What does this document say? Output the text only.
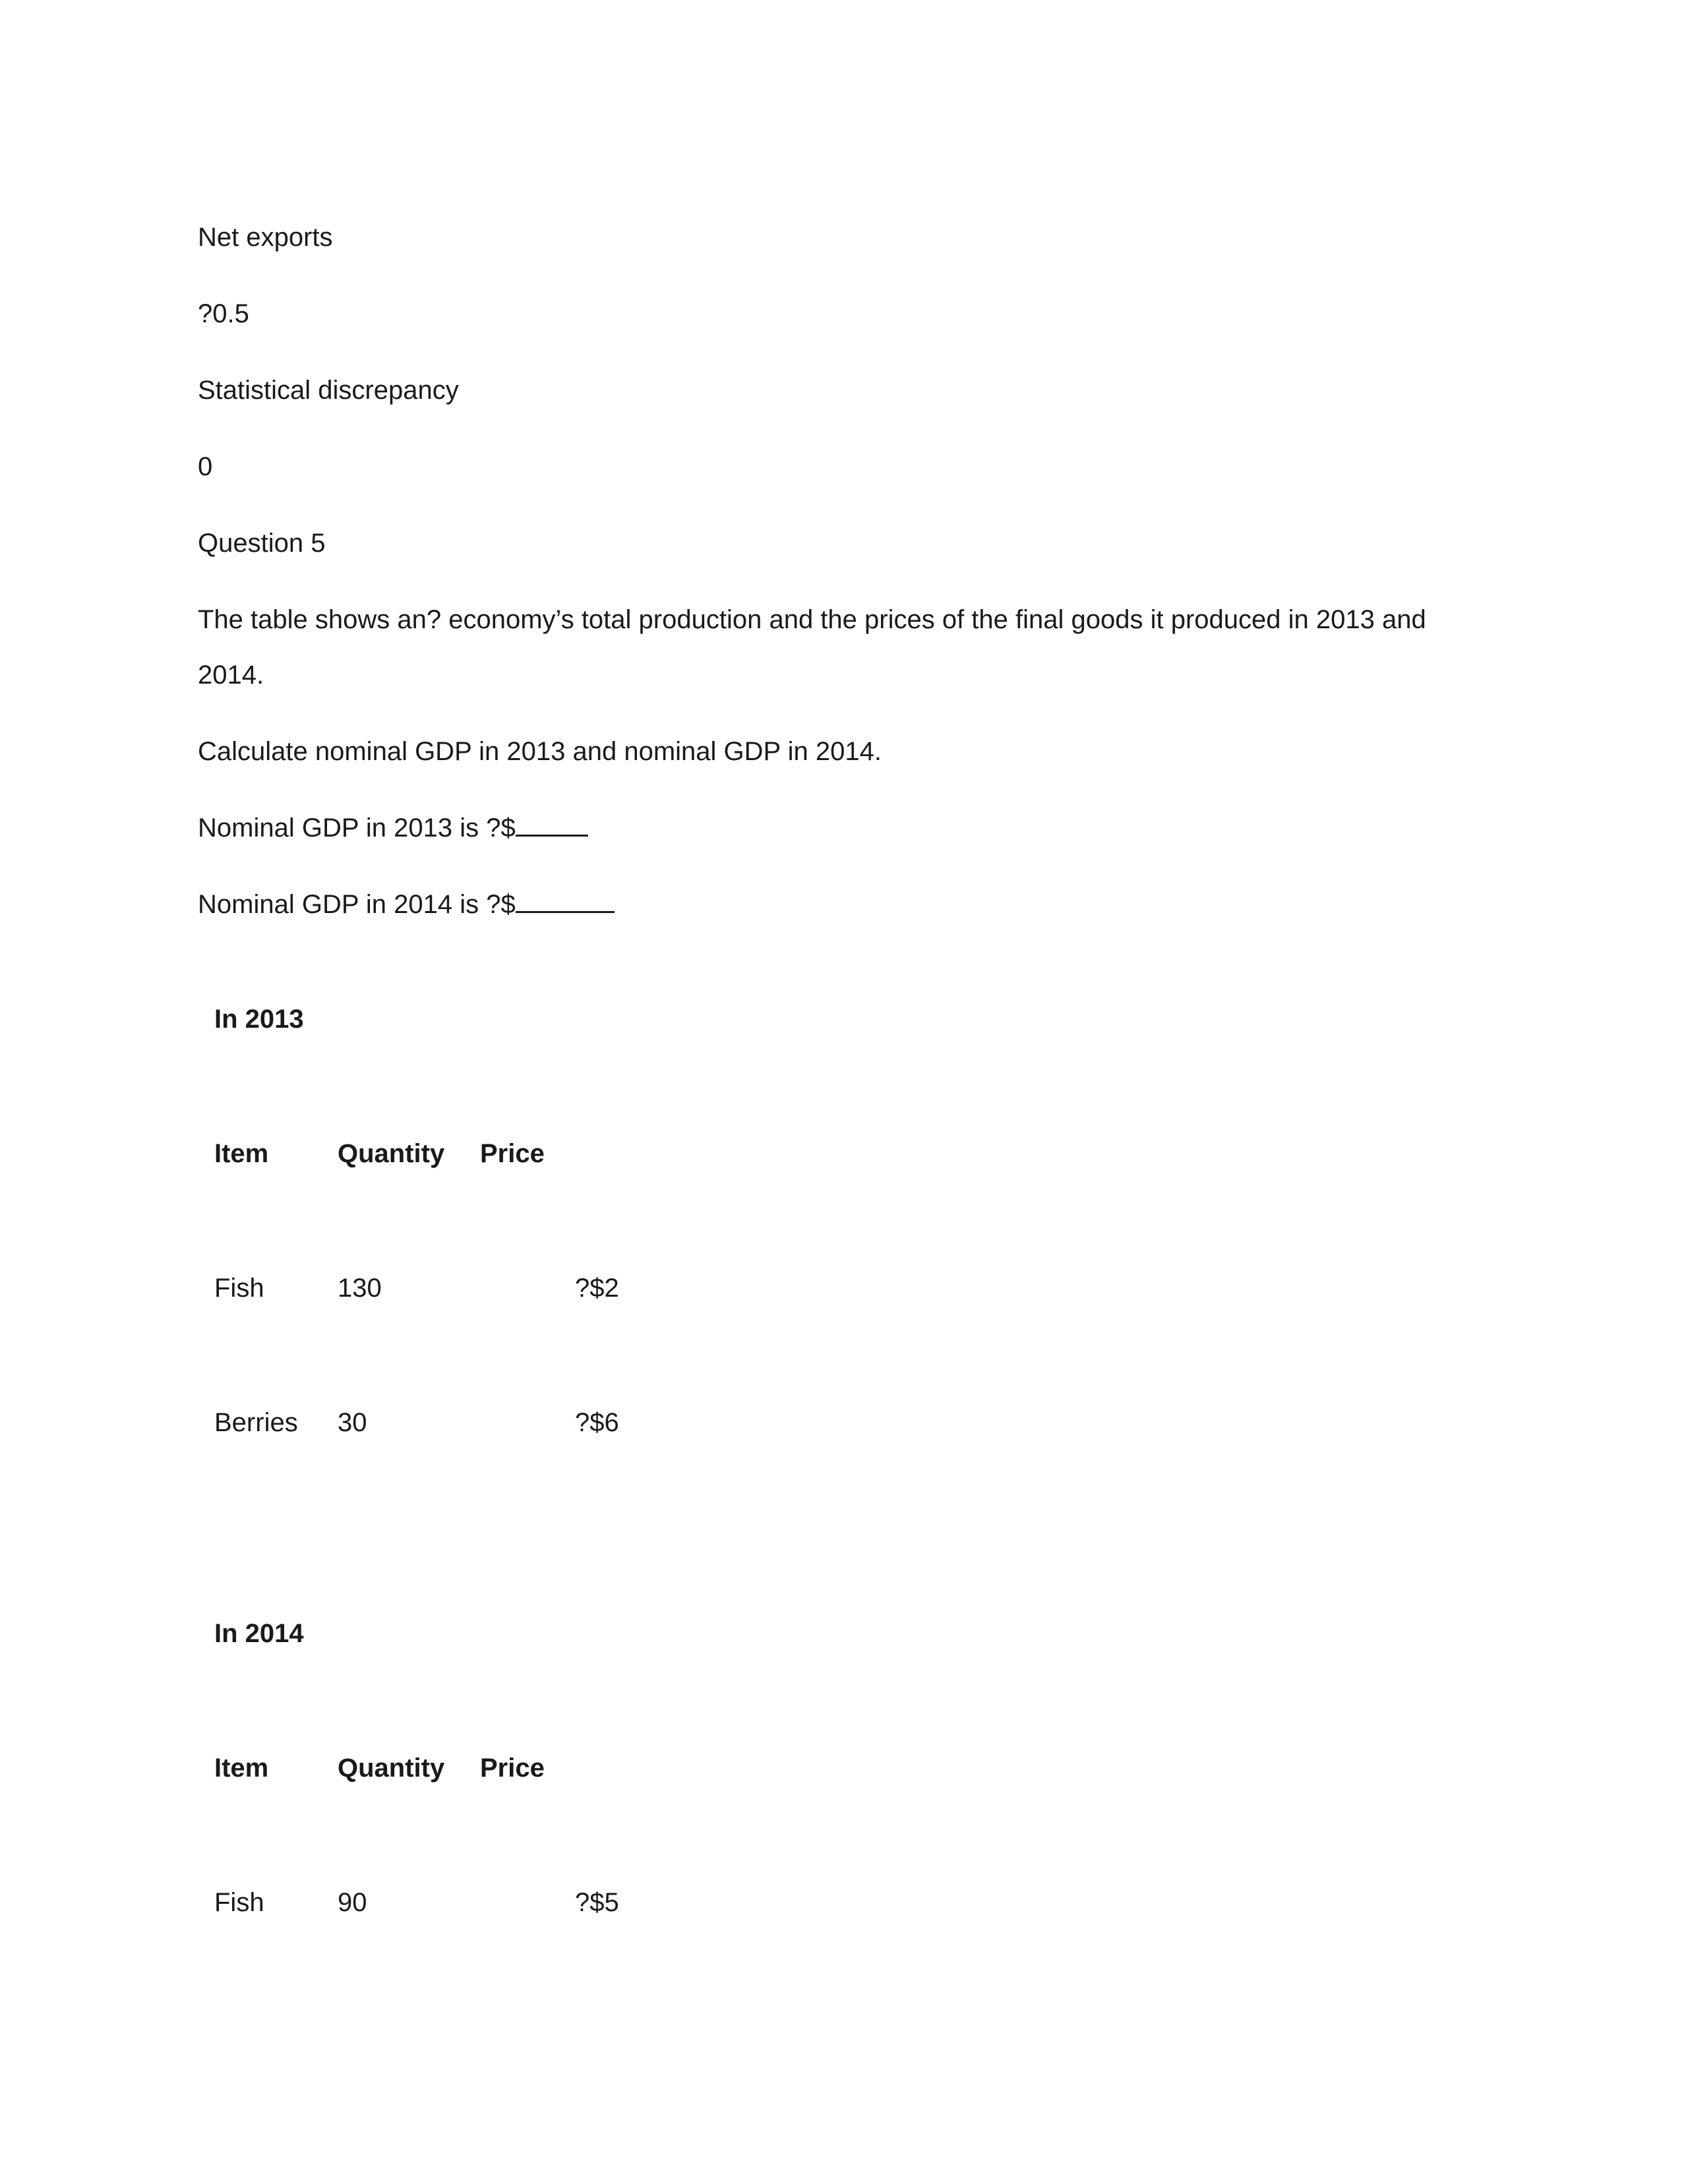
Net exports
?0.5
Statistical discrepancy
0
Question 5
The table shows an? economy’s total production and the prices of the final goods it produced in 2013 and 2014.
Calculate nominal GDP in 2013 and nominal GDP in 2014.
Nominal GDP in 2013 is ?$
Nominal GDP in 2014 is ?$
In 2013
Item	Quantity Price
Fish	130	?$2
Berries 30	?$6
In 2014
Item	Quantity Price
Fish	90	?$5
